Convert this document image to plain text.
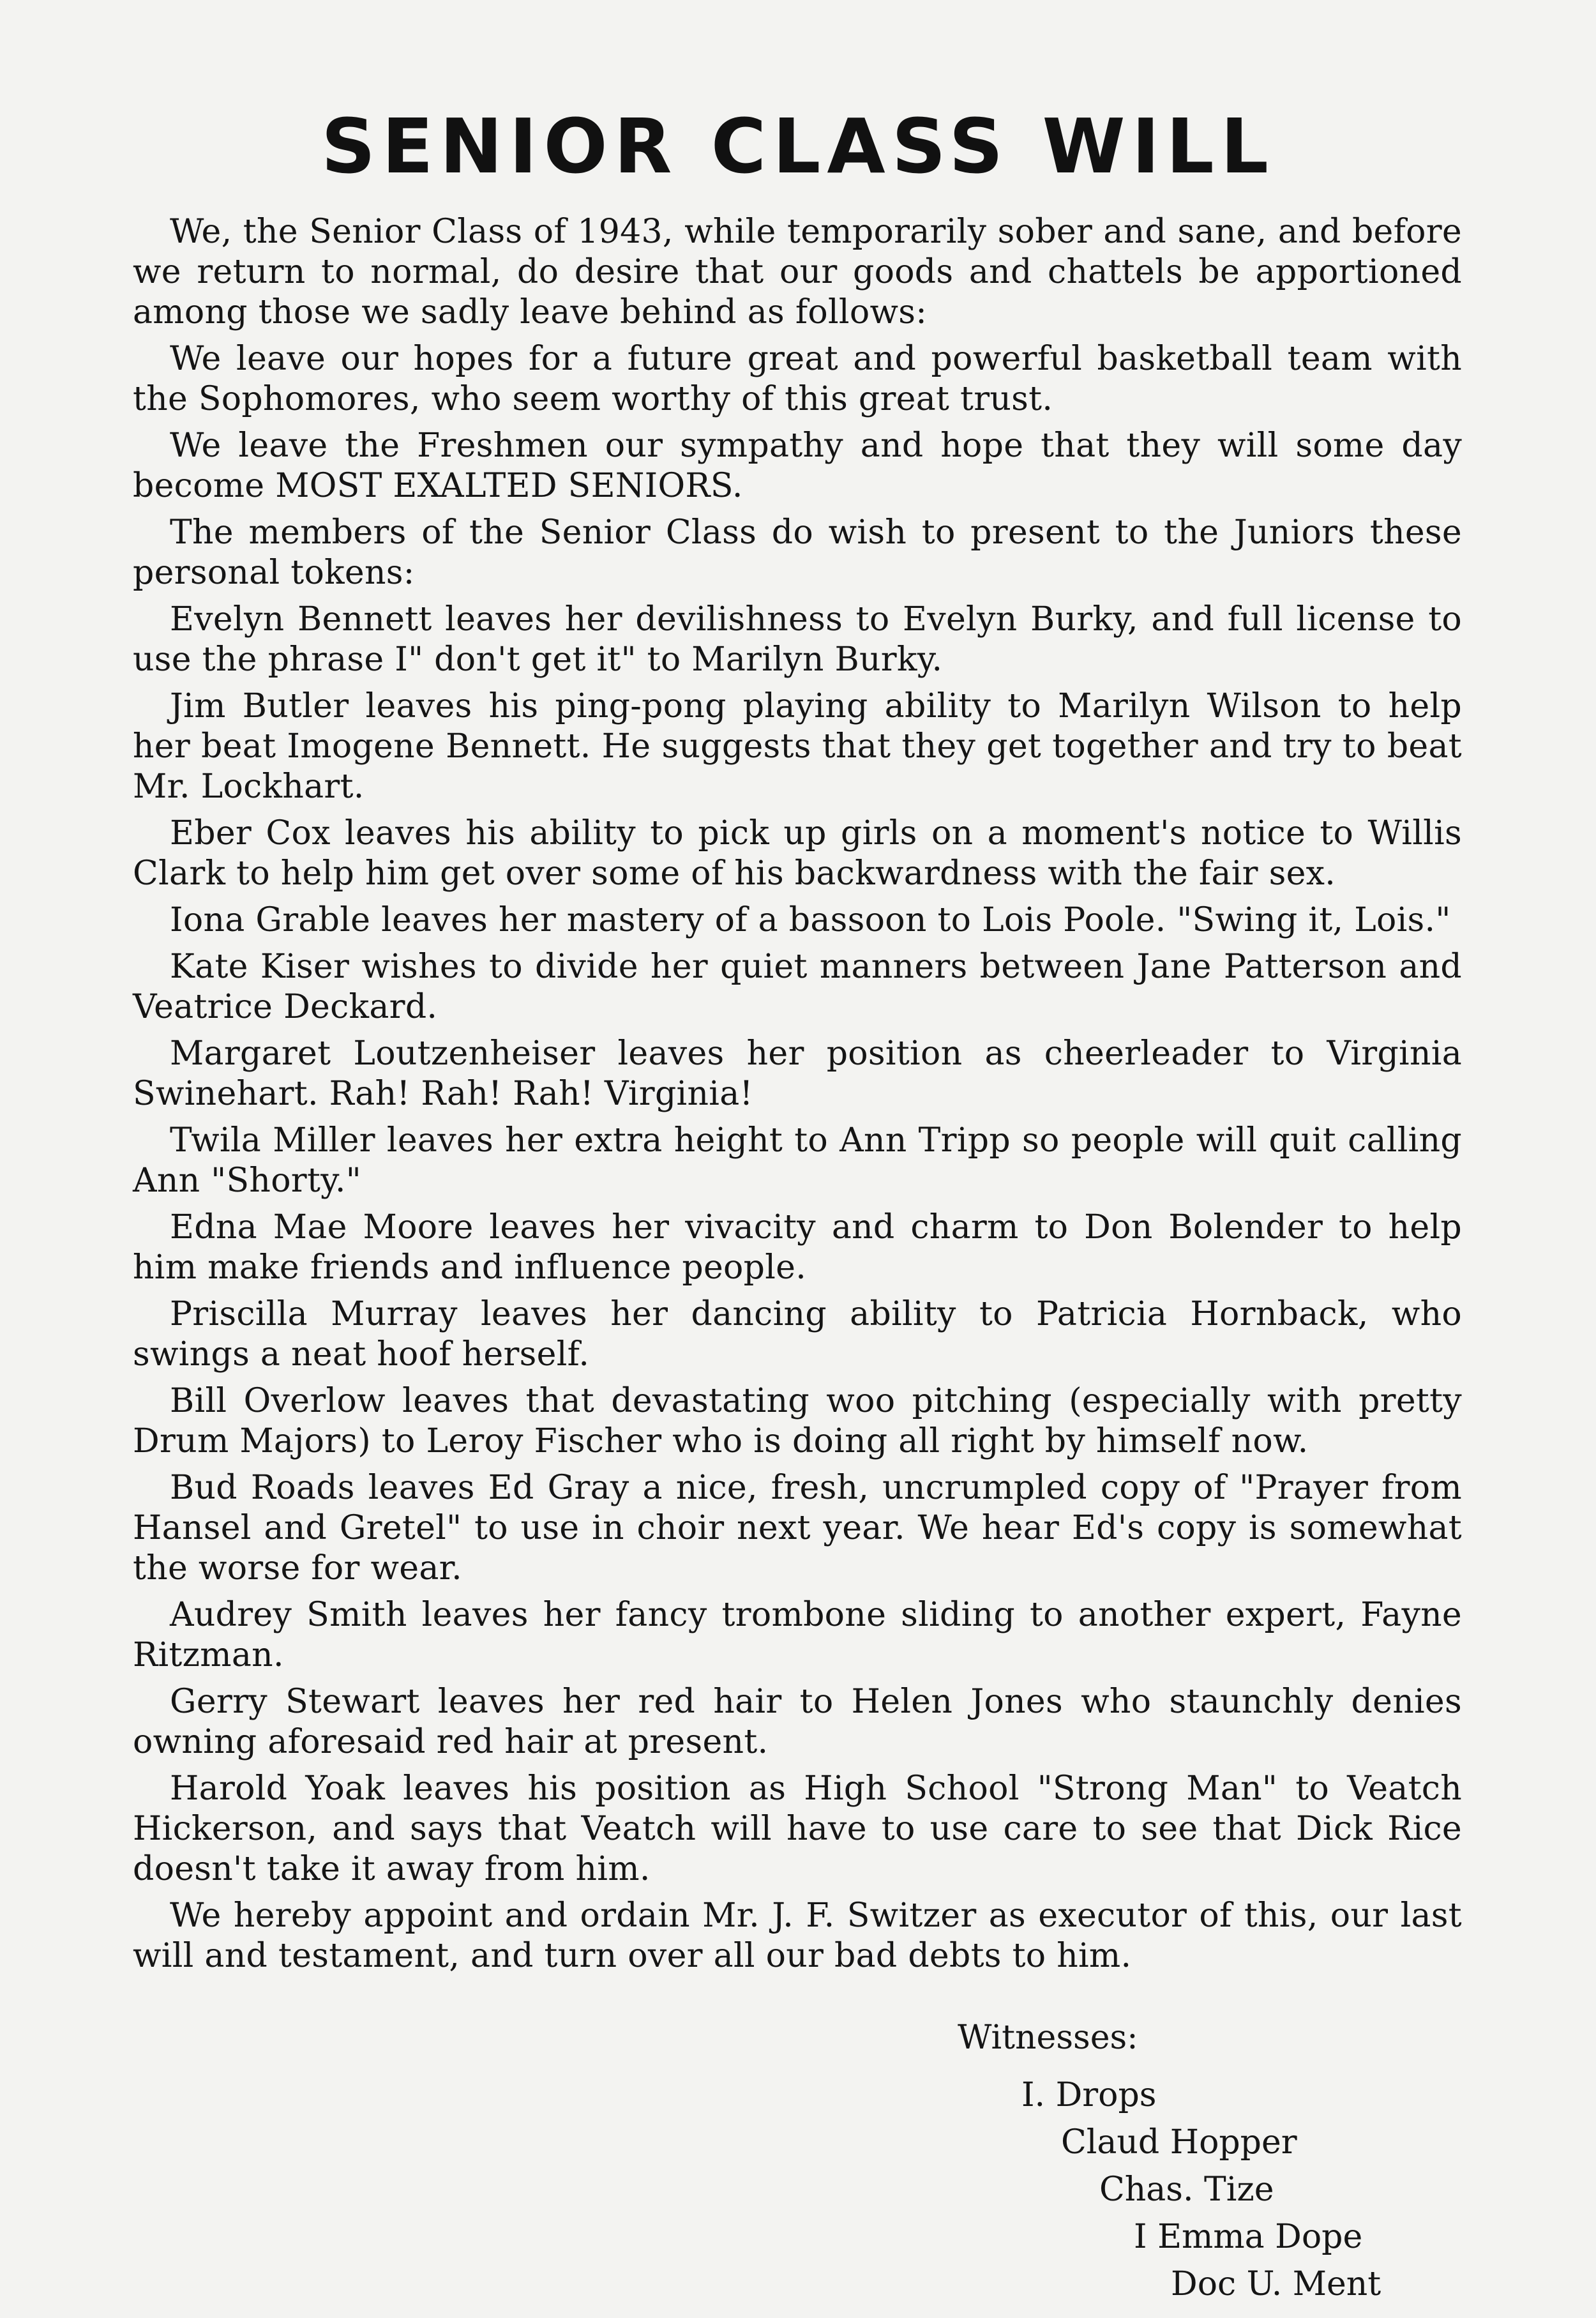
SENIOR CLASS WILL

We, the Senior Class of 1943, while temporarily sober and sane, and before we return to normal, do desire that our goods and chattels be apportioned among those we sadly leave behind as follows:

We leave our hopes for a future great and powerful basketball team with the Sophomores, who seem worthy of this great trust.

We leave the Freshmen our sympathy and hope that they will some day become MOST EXALTED SENIORS.

The members of the Senior Class do wish to present to the Juniors these personal tokens:

Evelyn Bennett leaves her devilishness to Evelyn Burky, and full license to use the phrase I" don't get it" to Marilyn Burky.

Jim Butler leaves his ping-pong playing ability to Marilyn Wilson to help her beat Imogene Bennett. He suggests that they get together and try to beat Mr. Lockhart.

Eber Cox leaves his ability to pick up girls on a moment's notice to Willis Clark to help him get over some of his backwardness with the fair sex.

Iona Grable leaves her mastery of a bassoon to Lois Poole. "Swing it, Lois."

Kate Kiser wishes to divide her quiet manners between Jane Patterson and Veatrice Deckard.

Margaret Loutzenheiser leaves her position as cheerleader to Virginia Swinehart. Rah! Rah! Rah! Virginia!

Twila Miller leaves her extra height to Ann Tripp so people will quit calling Ann "Shorty."

Edna Mae Moore leaves her vivacity and charm to Don Bolender to help him make friends and influence people.

Priscilla Murray leaves her dancing ability to Patricia Hornback, who swings a neat hoof herself.

Bill Overlow leaves that devastating woo pitching (especially with pretty Drum Majors) to Leroy Fischer who is doing all right by himself now.

Bud Roads leaves Ed Gray a nice, fresh, uncrumpled copy of "Prayer from Hansel and Gretel" to use in choir next year. We hear Ed's copy is somewhat the worse for wear.

Audrey Smith leaves her fancy trombone sliding to another expert, Fayne Ritzman.

Gerry Stewart leaves her red hair to Helen Jones who staunchly denies owning aforesaid red hair at present.

Harold Yoak leaves his position as High School "Strong Man" to Veatch Hickerson, and says that Veatch will have to use care to see that Dick Rice doesn't take it away from him.

We hereby appoint and ordain Mr. J. F. Switzer as executor of this, our last will and testament, and turn over all our bad debts to him.

Witnesses:

I. Drops

Claud Hopper

Chas. Tize

I Emma Dope

Doc U. Ment
